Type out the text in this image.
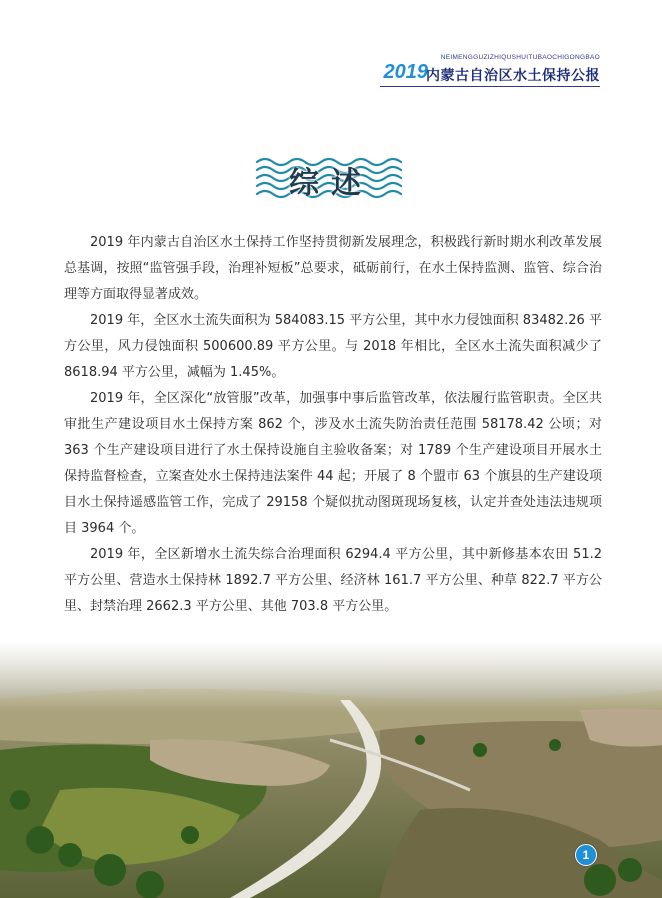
NEIMENGGUZIZHIQUSHUITUBAOCHIGONGBAO
2019
内蒙古自治区水土保持公报
综述

2019 年内蒙古自治区水土保持工作坚持贯彻新发展理念，积极践行新时期水利改革发展总基调，按照“监管强手段，治理补短板”总要求，砥砺前行，在水土保持监测、监管、综合治理等方面取得显著成效。

2019 年，全区水土流失面积为 584083.15 平方公里，其中水力侵蚀面积 83482.26 平方公里，风力侵蚀面积 500600.89 平方公里。与 2018 年相比，全区水土流失面积减少了 8618.94 平方公里，减幅为 1.45%。

2019 年，全区深化“放管服”改革，加强事中事后监管改革，依法履行监管职责。全区共审批生产建设项目水土保持方案 862 个，涉及水土流失防治责任范围 58178.42 公顷；对 363 个生产建设项目进行了水土保持设施自主验收备案；对 1789 个生产建设项目开展水土保持监督检查，立案查处水土保持违法案件 44 起；开展了 8 个盟市 63 个旗县的生产建设项目水土保持遥感监管工作，完成了 29158 个疑似扰动图斑现场复核，认定并查处违法违规项目 3964 个。

2019 年，全区新增水土流失综合治理面积 6294.4 平方公里，其中新修基本农田 51.2 平方公里、营造水土保持林 1892.7 平方公里、经济林 161.7 平方公里、种草 822.7 平方公里、封禁治理 2662.3 平方公里、其他 703.8 平方公里。

1
